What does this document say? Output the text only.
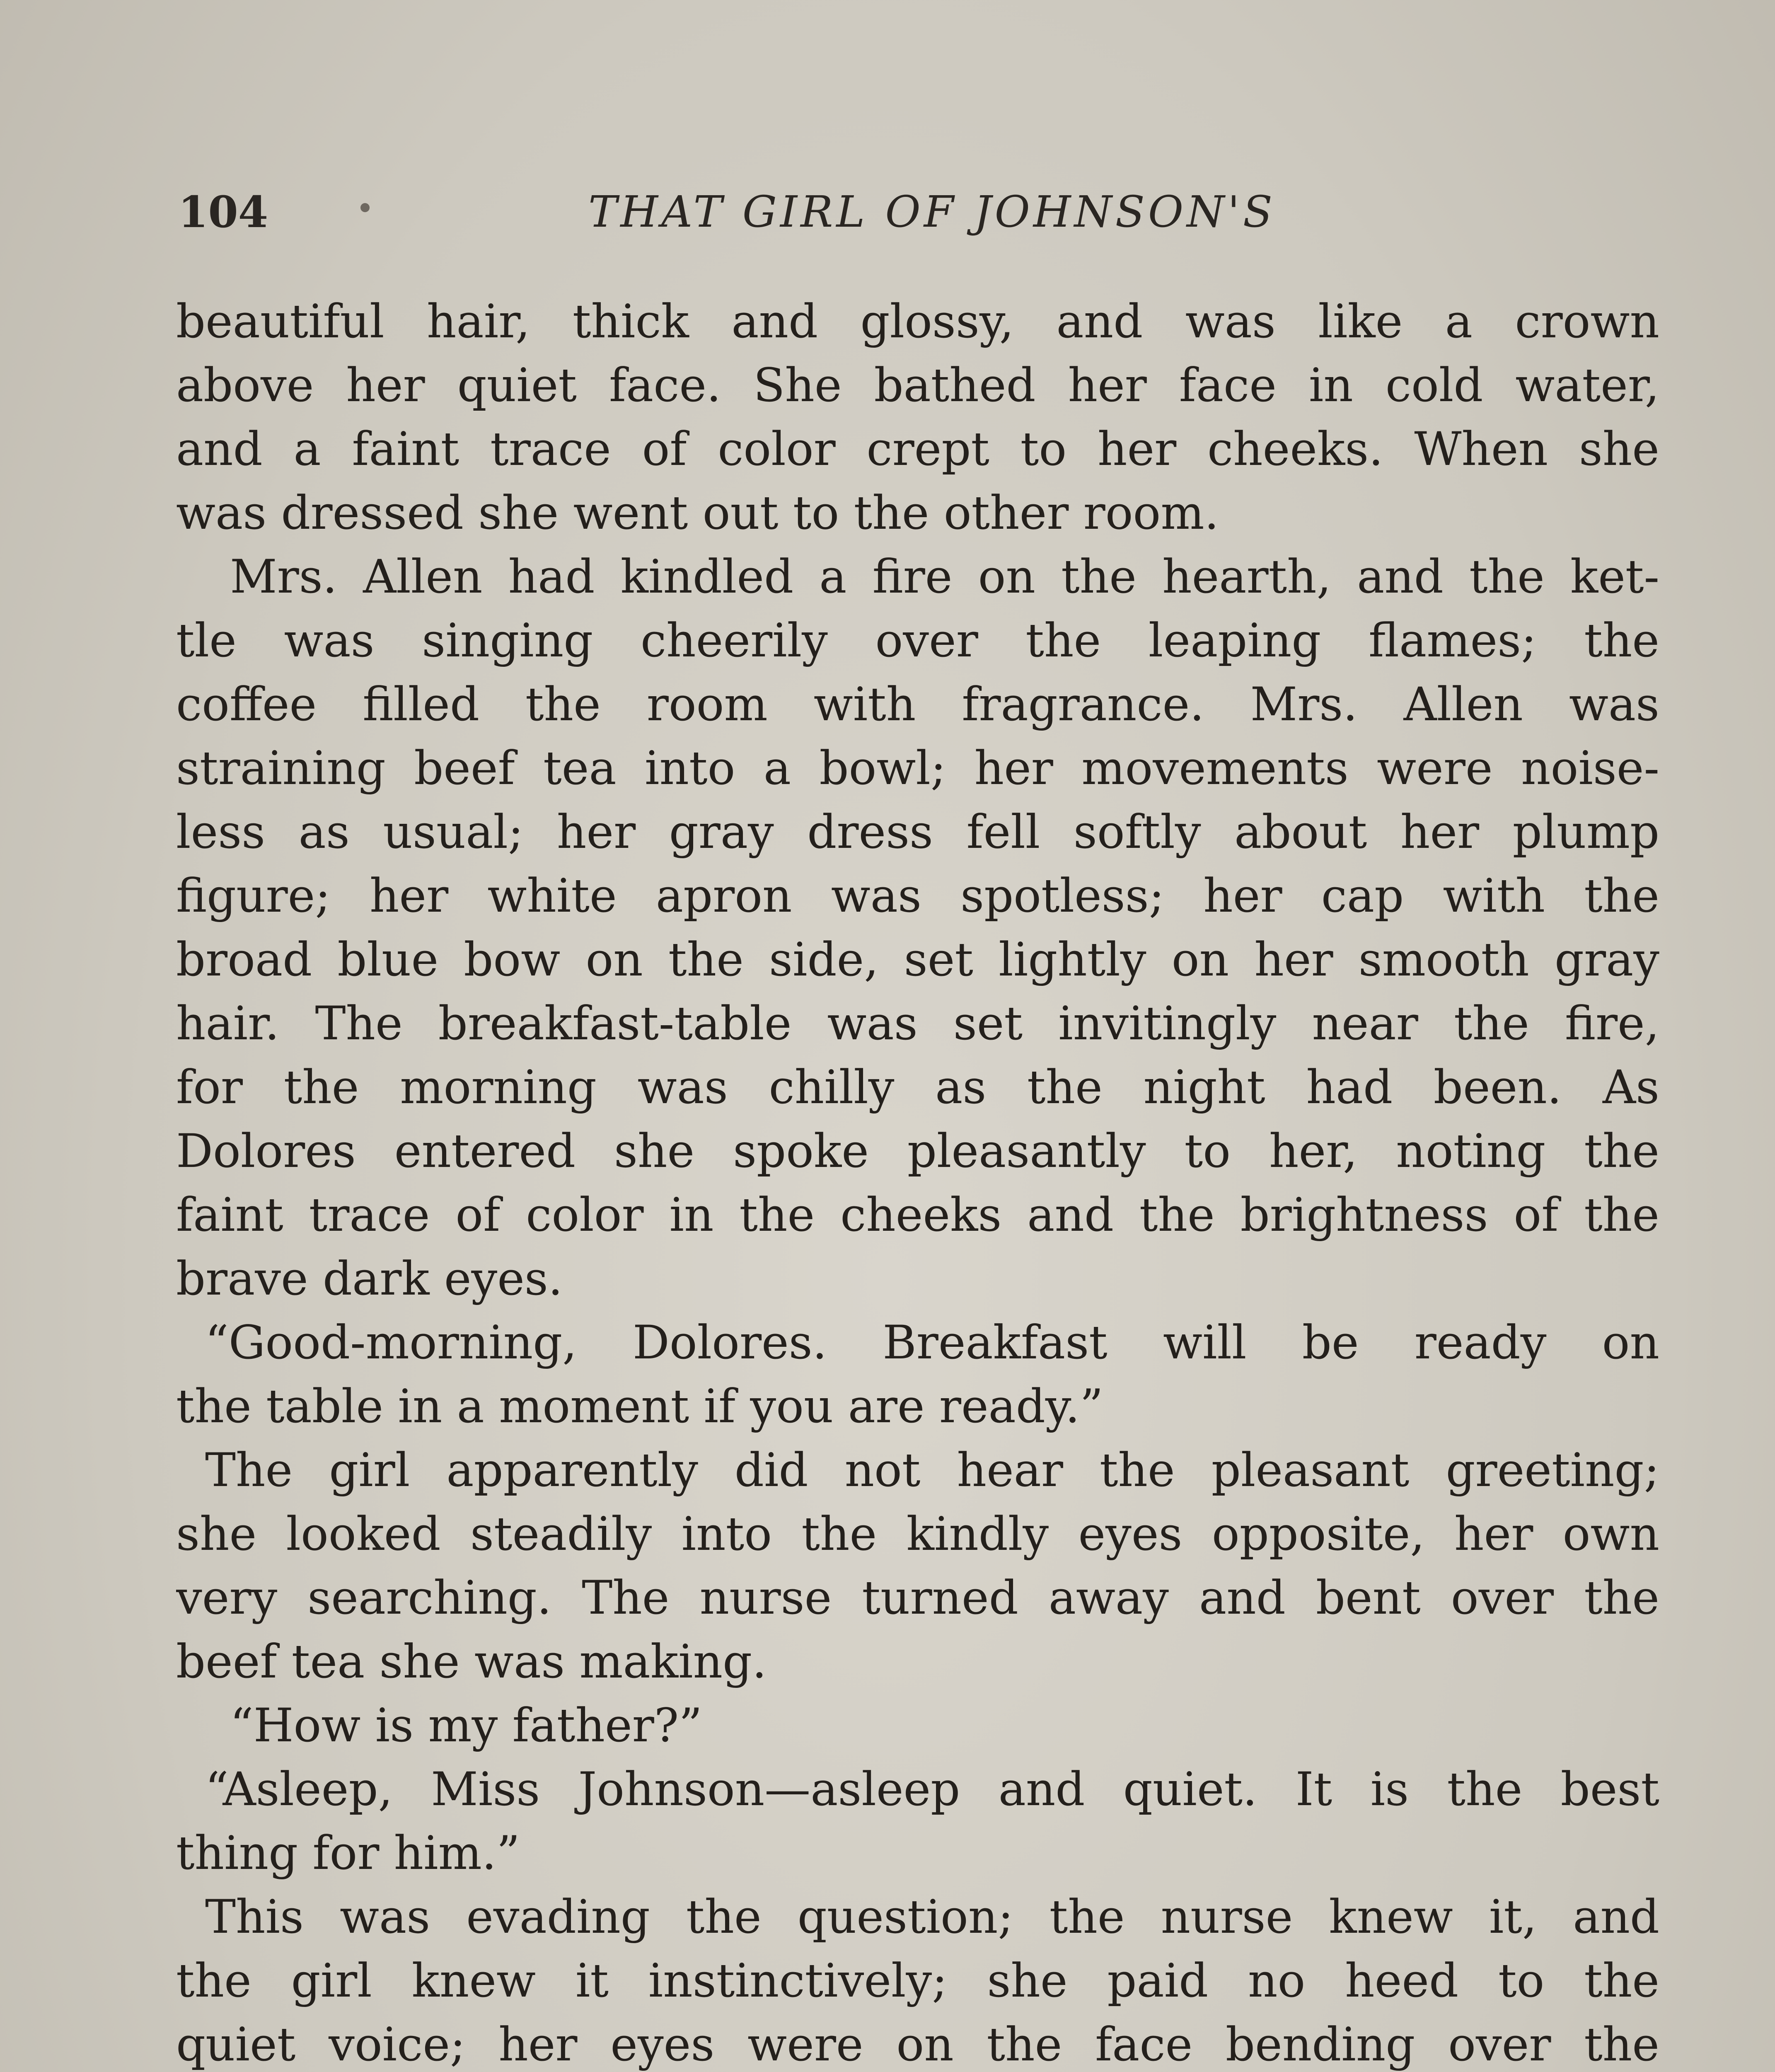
104	THAT GIRL OF JOHNSON'S
beautiful hair, thick and glossy, and was like a crown
above her quiet face. She bathed her face in cold water,
and a faint trace of color crept to her cheeks. When she
was dressed she went out to the other room.
Mrs. Allen had kindled a fire on the hearth, and the ket-
tle was singing cheerily over the leaping flames; the
coffee filled the room with fragrance. Mrs. Allen was
straining beef tea into a bowl; her movements were noise-
less as usual; her gray dress fell softly about her plump
figure; her white apron was spotless; her cap with the
broad blue bow on the side, set lightly on her smooth gray
hair. The breakfast-table was set invitingly near the fire,
for the morning was chilly as the night had been. As
Dolores entered she spoke pleasantly to her, noting the
faint trace of color in the cheeks and the brightness of the
brave dark eyes.
“Good-morning, Dolores. Breakfast will be ready on
the table in a moment if you are ready.”
The girl apparently did not hear the pleasant greeting;
she looked steadily into the kindly eyes opposite, her own
very searching. The nurse turned away and bent over the
beef tea she was making.
“How is my father?”
“Asleep, Miss Johnson—asleep and quiet. It is the best
thing for him.”
This was evading the question; the nurse knew it, and
the girl knew it instinctively; she paid no heed to the
quiet voice; her eyes were on the face bending over the
